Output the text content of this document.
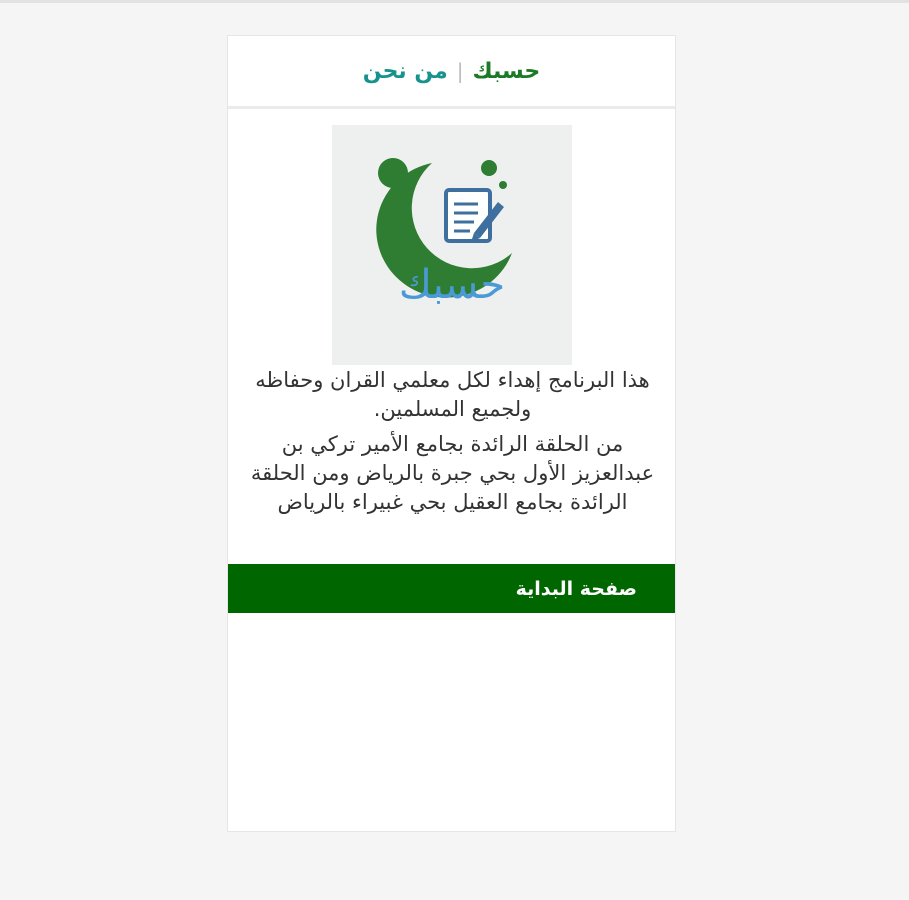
حسبك
|
من نحن
حسبك

هذا البرنامج إهداء لكل معلمي القران وحفاظه ولجميع المسلمين.

من الحلقة الرائدة بجامع الأمير تركي بن عبدالعزيز الأول بحي جبرة بالرياض ومن الحلقة الرائدة بجامع العقيل بحي غبيراء بالرياض

صفحة البداية
